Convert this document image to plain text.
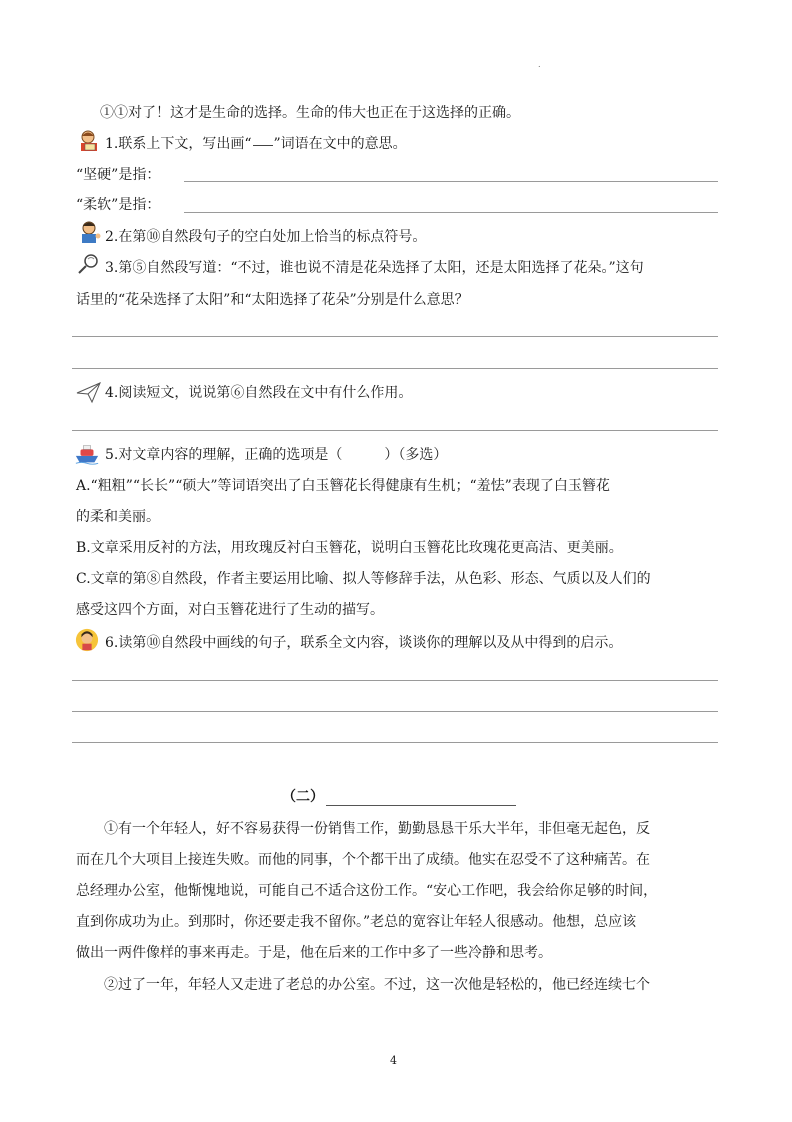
.
①①对了！这才是生命的选择。生命的伟大也正在于这选择的正确。
1.联系上下文，写出画“ ”词语在文中的意思。
“坚硬”是指：
“柔软”是指：
2.在第⑩自然段句子的空白处加上恰当的标点符号。
3.第⑤自然段写道：“不过，谁也说不清是花朵选择了太阳，还是太阳选择了花朵。”这句
话里的“花朵选择了太阳”和“太阳选择了花朵”分别是什么意思？
4.阅读短文，说说第⑥自然段在文中有什么作用。
5.对文章内容的理解，正确的选项是（	）（多选）
A.“粗粗”“长长”“硕大”等词语突出了白玉簪花长得健康有生机；“羞怯”表现了白玉簪花
的柔和美丽。
B.文章采用反衬的方法，用玫瑰反衬白玉簪花，说明白玉簪花比玫瑰花更高洁、更美丽。
C.文章的第⑧自然段，作者主要运用比喻、拟人等修辞手法，从色彩、形态、气质以及人们的
感受这四个方面，对白玉簪花进行了生动的描写。
6.读第⑩自然段中画线的句子，联系全文内容，谈谈你的理解以及从中得到的启示。
（二）
①有一个年轻人，好不容易获得一份销售工作，勤勤恳恳干乐大半年，非但毫无起色，反
而在几个大项目上接连失败。而他的同事，个个都干出了成绩。他实在忍受不了这种痛苦。在
总经理办公室，他惭愧地说，可能自己不适合这份工作。“安心工作吧，我会给你足够的时间，
直到你成功为止。到那时，你还要走我不留你。”老总的宽容让年轻人很感动。他想，总应该
做出一两件像样的事来再走。于是，他在后来的工作中多了一些冷静和思考。
②过了一年，年轻人又走进了老总的办公室。不过，这一次他是轻松的，他已经连续七个
4
